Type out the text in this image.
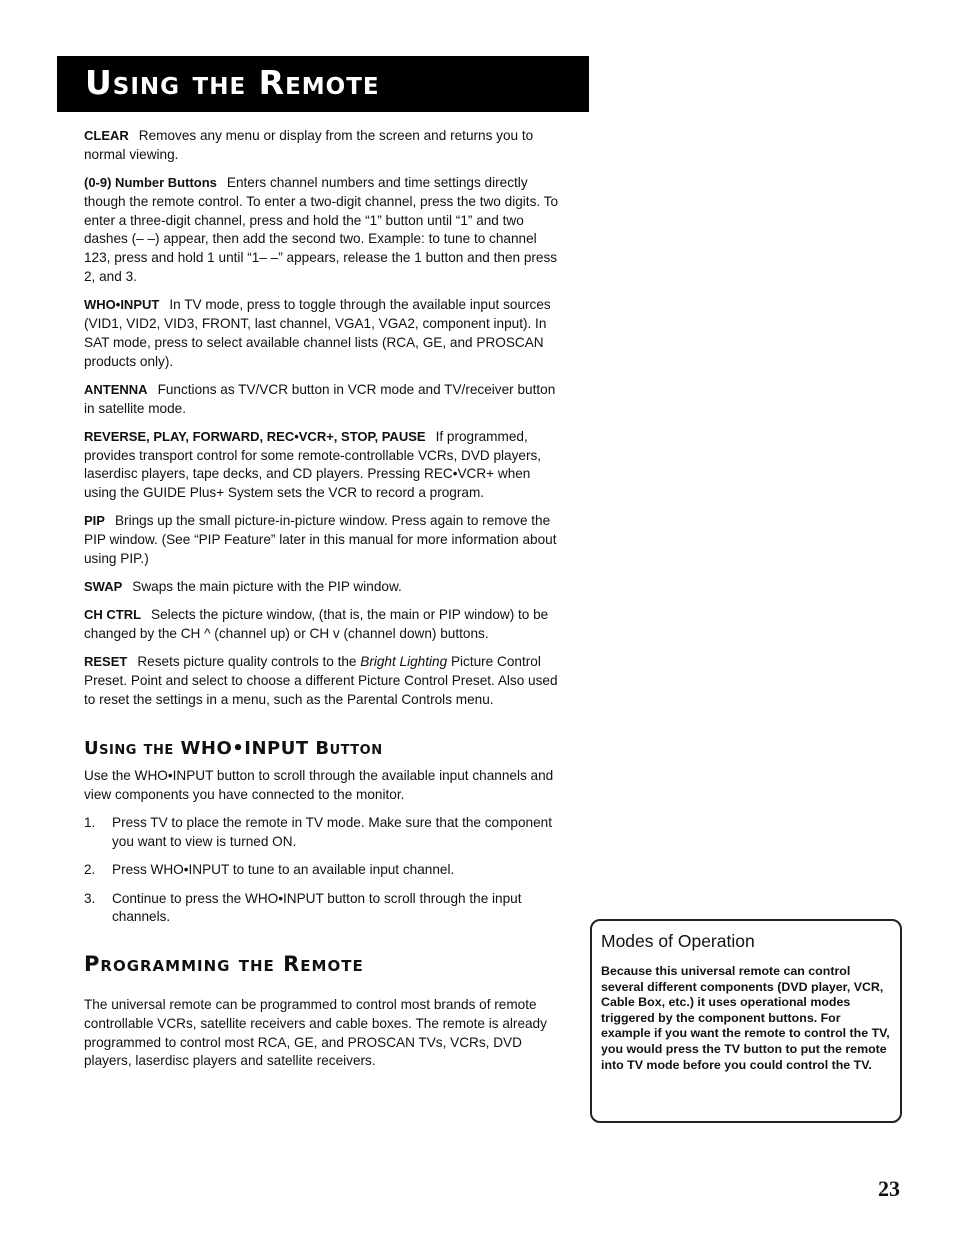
Using the Remote

CLEAR Removes any menu or display from the screen and returns you to normal viewing.

(0-9) Number Buttons Enters channel numbers and time settings directly though the remote control. To enter a two-digit channel, press the two digits. To enter a three-digit channel, press and hold the “1” button until “1” and two dashes (– –) appear, then add the second two. Example: to tune to channel 123, press and hold 1 until “1– –” appears, release the 1 button and then press 2, and 3.

WHO•INPUT In TV mode, press to toggle through the available input sources (VID1, VID2, VID3, FRONT, last channel, VGA1, VGA2, component input). In SAT mode, press to select available channel lists (RCA, GE, and PROSCAN products only).

ANTENNA Functions as TV/VCR button in VCR mode and TV/receiver button in satellite mode.

REVERSE, PLAY, FORWARD, REC•VCR+, STOP, PAUSE If programmed, provides transport control for some remote-controllable VCRs, DVD players, laserdisc players, tape decks, and CD players. Pressing REC•VCR+ when using the GUIDE Plus+ System sets the VCR to record a program.

PIP Brings up the small picture-in-picture window. Press again to remove the PIP window. (See “PIP Feature” later in this manual for more information about using PIP.)

SWAP Swaps the main picture with the PIP window.

CH CTRL Selects the picture window, (that is, the main or PIP window) to be changed by the CH ^ (channel up) or CH v (channel down) buttons.

RESET Resets picture quality controls to the Bright Lighting Picture Control Preset. Point and select to choose a different Picture Control Preset. Also used to reset the settings in a menu, such as the Parental Controls menu.

Using the WHO•INPUT Button

Use the WHO•INPUT button to scroll through the available input channels and view components you have connected to the monitor.

1. Press TV to place the remote in TV mode. Make sure that the component you want to view is turned ON.
2. Press WHO•INPUT to tune to an available input channel.
3. Continue to press the WHO•INPUT button to scroll through the input channels.
Programming the Remote

The universal remote can be programmed to control most brands of remote controllable VCRs, satellite receivers and cable boxes. The remote is already programmed to control most RCA, GE, and PROSCAN TVs, VCRs, DVD players, laserdisc players and satellite receivers.

Modes of Operation
Because this universal remote can control several different components (DVD player, VCR, Cable Box, etc.) it uses operational modes triggered by the component buttons. For example if you want the remote to control the TV, you would press the TV button to put the remote into TV mode before you could control the TV.
23
